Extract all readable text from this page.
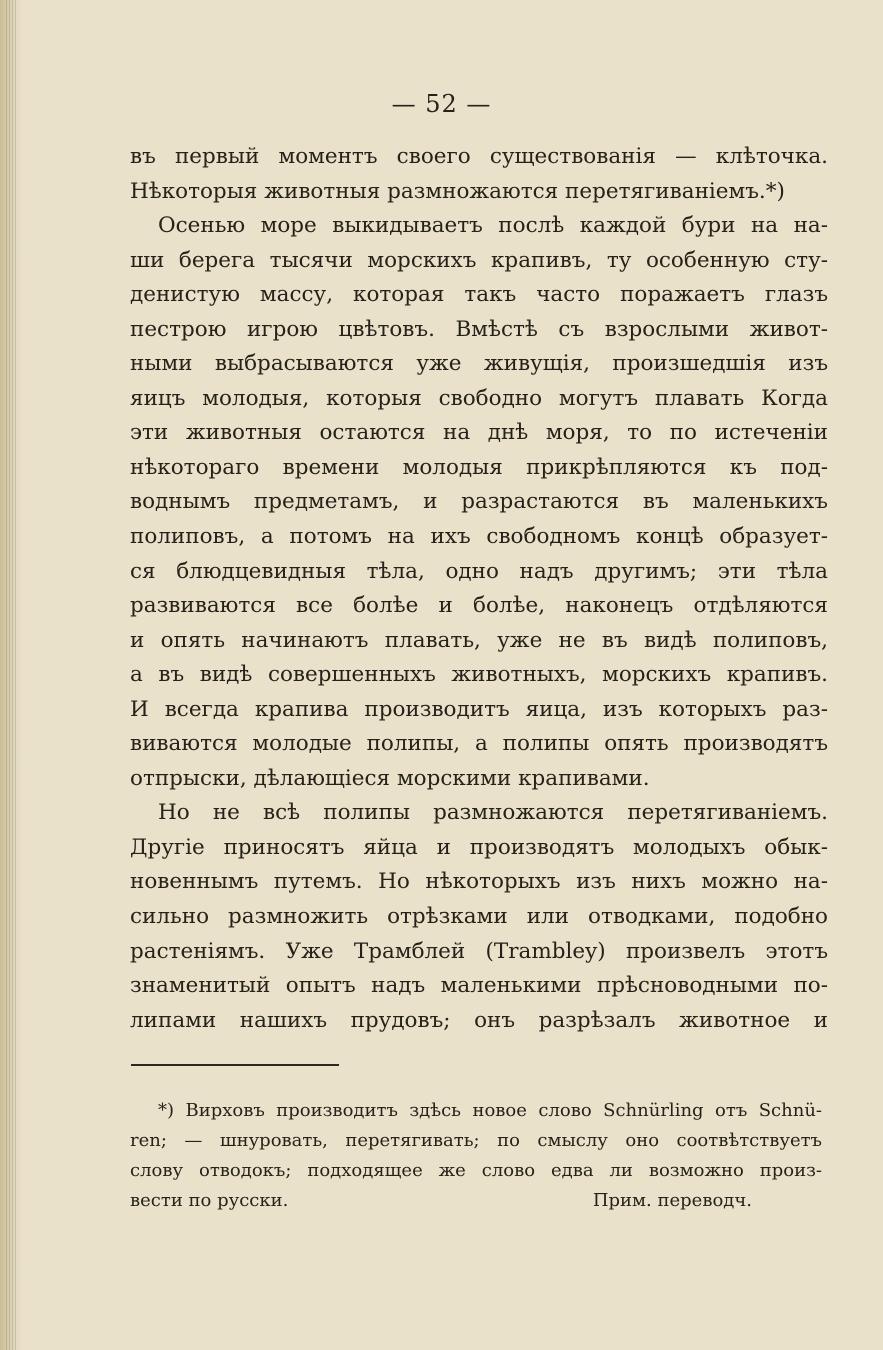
— 52 —
въ первый моментъ своего существованія — клѣточка.
Нѣкоторыя животныя размножаются перетягиваніемъ.*)
Осенью море выкидываетъ послѣ каждой бури на на-
ши берега тысячи морскихъ крапивъ, ту особенную сту-
денистую массу, которая такъ часто поражаетъ глазъ
пестрою игрою цвѣтовъ. Вмѣстѣ съ взрослыми живот-
ными выбрасываются уже живущія, произшедшія изъ
яицъ молодыя, которыя свободно могутъ плавать Когда
эти животныя остаются на днѣ моря, то по истеченіи
нѣкотораго времени молодыя прикрѣпляются къ под-
воднымъ предметамъ, и разрастаются въ маленькихъ
полиповъ, а потомъ на ихъ свободномъ концѣ образует-
ся блюдцевидныя тѣла, одно надъ другимъ; эти тѣла
развиваются все болѣе и болѣе, наконецъ отдѣляются
и опять начинаютъ плавать, уже не въ видѣ полиповъ,
а въ видѣ совершенныхъ животныхъ, морскихъ крапивъ.
И всегда крапива производитъ яица, изъ которыхъ раз-
виваются молодые полипы, а полипы опять производятъ
отпрыски, дѣлающіеся морскими крапивами.
Но не всѣ полипы размножаются перетягиваніемъ.
Другіе приносятъ яйца и производятъ молодыхъ обык-
новеннымъ путемъ. Но нѣкоторыхъ изъ нихъ можно на-
сильно размножить отрѣзками или отводками, подобно
растеніямъ. Уже Трамблей (Trambley) произвелъ этотъ
знаменитый опытъ надъ маленькими прѣсноводными по-
липами нашихъ прудовъ; онъ разрѣзалъ животное и
*) Вирховъ производитъ здѣсь новое слово Schnürling отъ Schnü-
ren; — шнуровать, перетягивать; по смыслу оно соотвѣтствуетъ
слову отводокъ; подходящее же слово едва ли возможно произ-
вести по русски.	Прим. переводч.
